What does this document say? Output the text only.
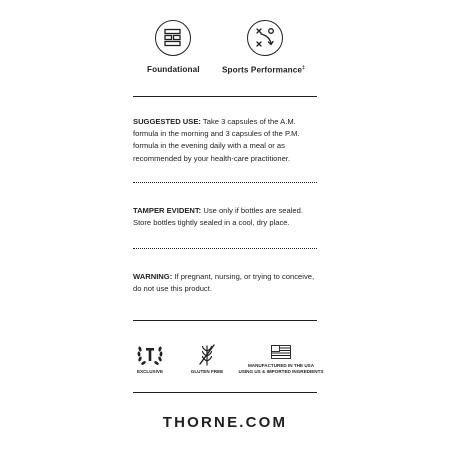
Foundational	Sports Performance‡
SUGGESTED USE: Take 3 capsules of the A.M. formula in the morning and 3 capsules of the P.M. formula in the evening daily with a meal or as recommended by your health-care practitioner.
TAMPER EVIDENT: Use only if bottles are sealed. Store bottles tightly sealed in a cool, dry place.
WARNING: If pregnant, nursing, or trying to conceive, do not use this product.
EXCLUSIVE	GLUTEN FREE
MANUFACTURED IN THE USA
USING US & IMPORTED INGREDIENTS
THORNE.COM
